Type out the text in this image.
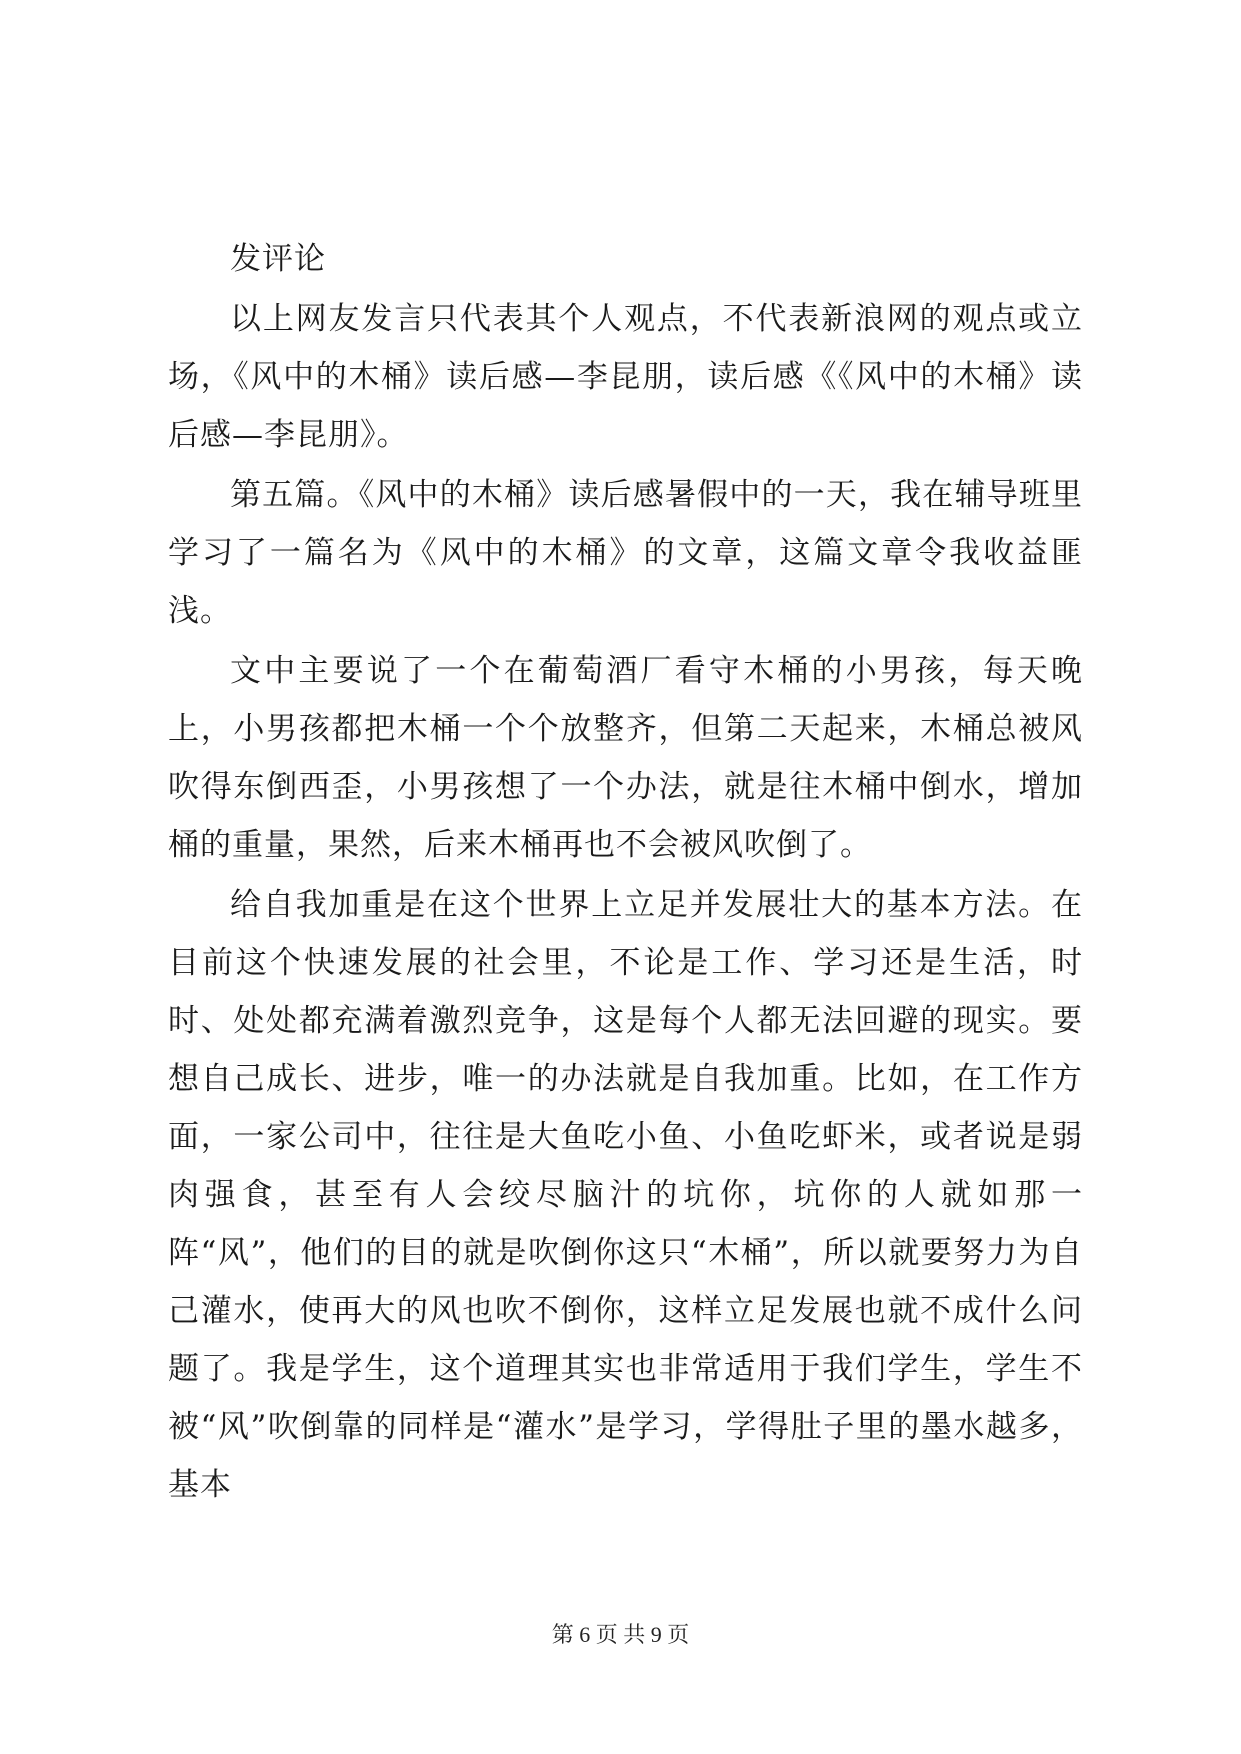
发评论

以上网友发言只代表其个人观点，不代表新浪网的观点或立场，《风中的木桶》读后感—李昆朋，读后感《《风中的木桶》读后感—李昆朋》。

第五篇。《风中的木桶》读后感暑假中的一天，我在辅导班里学习了一篇名为《风中的木桶》的文章，这篇文章令我收益匪浅。

文中主要说了一个在葡萄酒厂看守木桶的小男孩，每天晚上，小男孩都把木桶一个个放整齐，但第二天起来，木桶总被风吹得东倒西歪，小男孩想了一个办法，就是往木桶中倒水，增加桶的重量，果然，后来木桶再也不会被风吹倒了。

给自我加重是在这个世界上立足并发展壮大的基本方法。在目前这个快速发展的社会里，不论是工作、学习还是生活，时时、处处都充满着激烈竞争，这是每个人都无法回避的现实。要想自己成长、进步，唯一的办法就是自我加重。比如，在工作方面，一家公司中，往往是大鱼吃小鱼、小鱼吃虾米，或者说是弱肉强食，甚至有人会绞尽脑汁的坑你，坑你的人就如那一阵“风”，他们的目的就是吹倒你这只“木桶”，所以就要努力为自己灌水，使再大的风也吹不倒你，这样立足发展也就不成什么问题了。我是学生，这个道理其实也非常适用于我们学生，学生不被“风”吹倒靠的同样是“灌水”是学习，学得肚子里的墨水越多，基本

第 6 页 共 9 页
